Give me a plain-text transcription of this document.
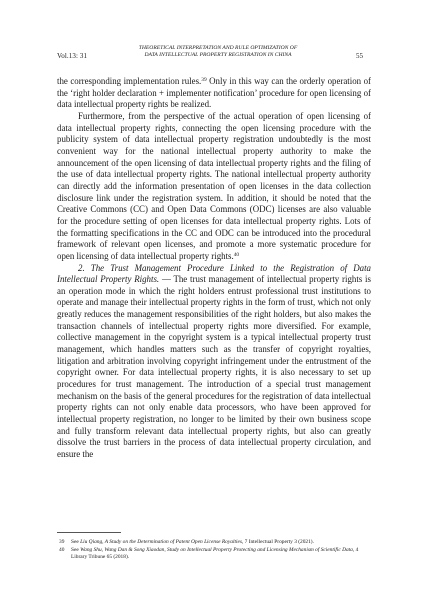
Vol.13: 31
THEORETICAL INTERPRETATION AND RULE OPTIMIZATION OF
DATA INTELLECTUAL PROPERTY REGISTRATION IN CHINA	55

the corresponding implementation rules.$^{39}$ Only in this way can the orderly operation of the ‘right holder declaration + implementer notification’ procedure for open licensing of data intellectual property rights be realized.

Furthermore, from the perspective of the actual operation of open licensing of data intellectual property rights, connecting the open licensing procedure with the publicity system of data intellectual property registration undoubtedly is the most convenient way for the national intellectual property authority to make the announcement of the open licensing of data intellectual property rights and the filing of the use of data intellectual property rights. The national intellectual property authority can directly add the information presentation of open licenses in the data collection disclosure link under the registration system. In addition, it should be noted that the Creative Commons (CC) and Open Data Commons (ODC) licenses are also valuable for the procedure setting of open licenses for data intellectual property rights. Lots of the formatting specifications in the CC and ODC can be introduced into the procedural framework of relevant open licenses, and promote a more systematic procedure for open licensing of data intellectual property rights.$^{40}$

2. The Trust Management Procedure Linked to the Registration of Data Intellectual Property Rights. — The trust management of intellectual property rights is an operation mode in which the right holders entrust professional trust institutions to operate and manage their intellectual property rights in the form of trust, which not only greatly reduces the management responsibilities of the right holders, but also makes the transaction channels of intellectual property rights more diversified. For example, collective management in the copyright system is a typical intellectual property trust management, which handles matters such as the transfer of copyright royalties, litigation and arbitration involving copyright infringement under the entrustment of the copyright owner. For data intellectual property rights, it is also necessary to set up procedures for trust management. The introduction of a special trust management mechanism on the basis of the general procedures for the registration of data intellectual property rights can not only enable data processors, who have been approved for intellectual property registration, no longer to be limited by their own business scope and fully transform relevant data intellectual property rights, but also can greatly dissolve the trust barriers in the process of data intellectual property circulation, and ensure the

39 See Liu Qiang, A Study on the Determination of Patent Open License Royalties, 7 Intellectual Property 3 (2021).
40 See Wang Shu, Wang Dan & Song Xiaodan, Study on Intellectual Property Protecting and Licensing Mechanism of Scientific Data, 4 Library Tribune 65 (2018).
